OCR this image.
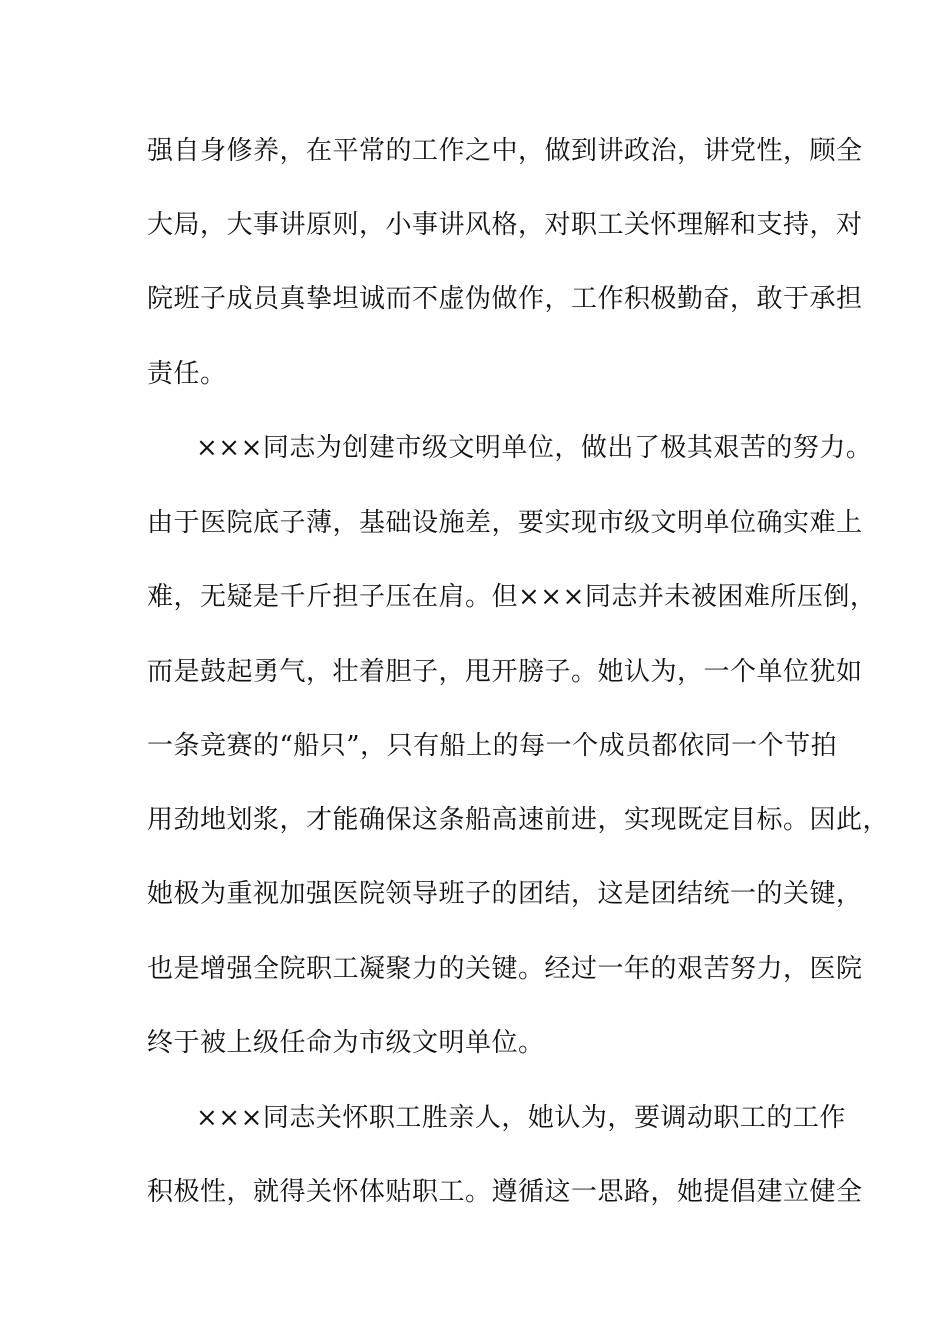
强自身修养，在平常的工作之中，做到讲政治，讲党性，顾全
大局，大事讲原则，小事讲风格，对职工关怀理解和支持，对
院班子成员真挚坦诚而不虚伪做作，工作积极勤奋，敢于承担
责任。
×××同志为创建市级文明单位，做出了极其艰苦的努力。
由于医院底子薄，基础设施差，要实现市级文明单位确实难上
难，无疑是千斤担子压在肩。但×××同志并未被困难所压倒，
而是鼓起勇气，壮着胆子，甩开膀子。她认为，一个单位犹如
一条竞赛的“船只”，只有船上的每一个成员都依同一个节拍
用劲地划浆，才能确保这条船高速前进，实现既定目标。因此，
她极为重视加强医院领导班子的团结，这是团结统一的关键，
也是增强全院职工凝聚力的关键。经过一年的艰苦努力，医院
终于被上级任命为市级文明单位。
×××同志关怀职工胜亲人，她认为，要调动职工的工作
积极性，就得关怀体贴职工。遵循这一思路，她提倡建立健全
